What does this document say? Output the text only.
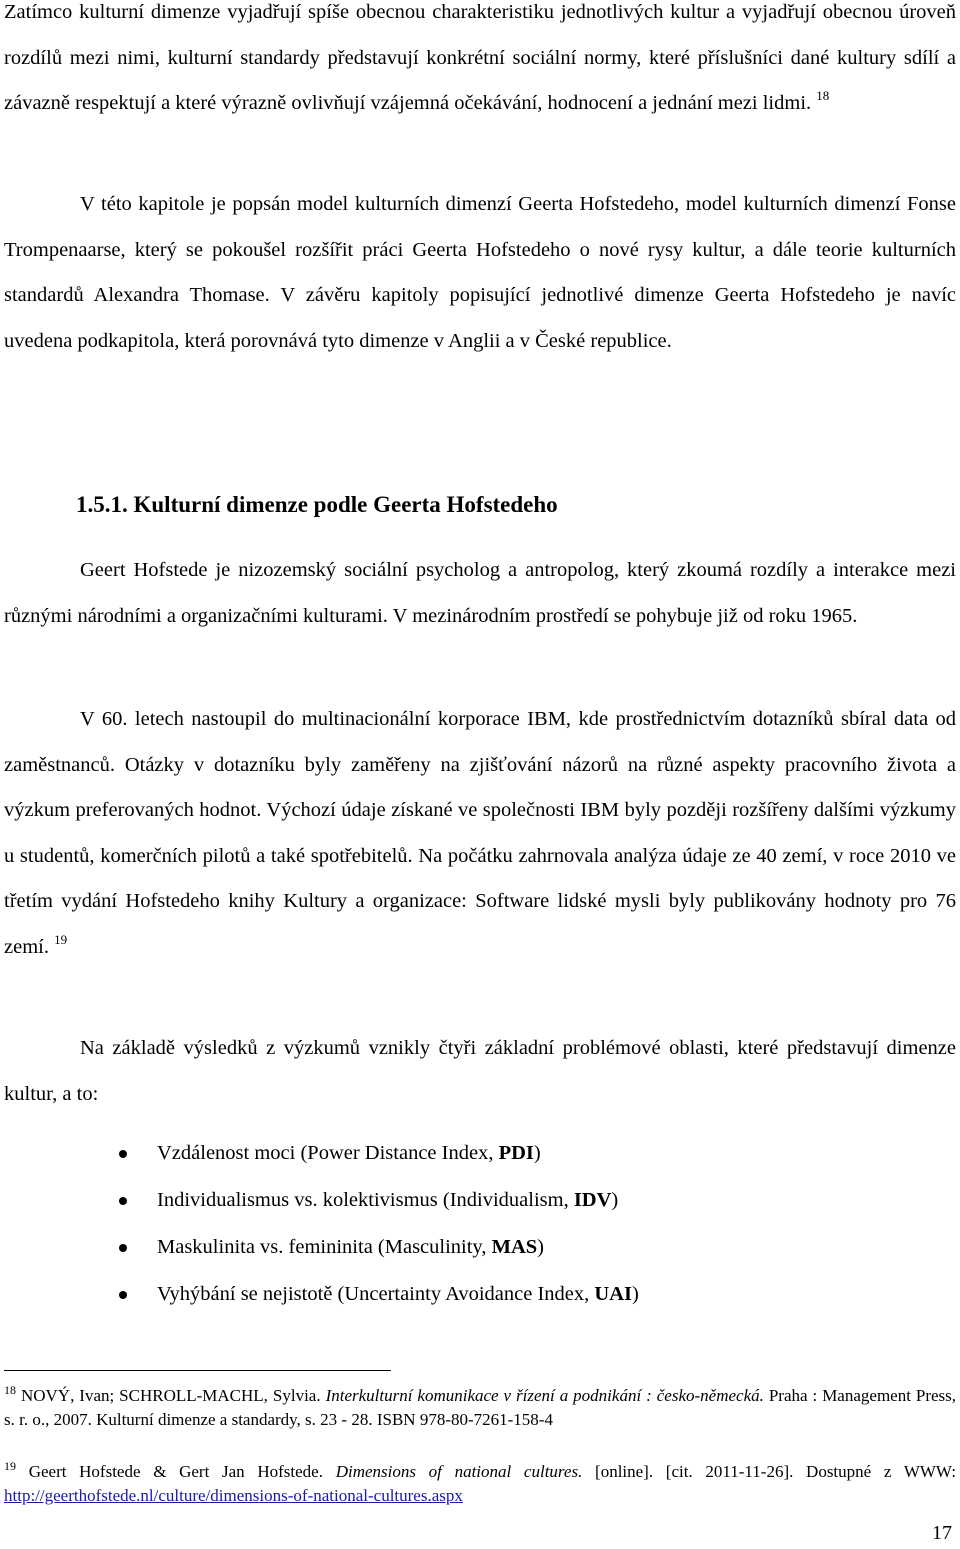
Zatímco kulturní dimenze vyjadřují spíše obecnou charakteristiku jednotlivých kultur a vyjadřují obecnou úroveň rozdílů mezi nimi, kulturní standardy představují konkrétní sociální normy, které příslušníci dané kultury sdílí a závazně respektují a které výrazně ovlivňují vzájemná očekávání, hodnocení a jednání mezi lidmi. $^{18}$

V této kapitole je popsán model kulturních dimenzí Geerta Hofstedeho, model kulturních dimenzí Fonse Trompenaarse, který se pokoušel rozšířit práci Geerta Hofstedeho o nové rysy kultur, a dále teorie kulturních standardů Alexandra Thomase. V závěru kapitoly popisující jednotlivé dimenze Geerta Hofstedeho je navíc uvedena podkapitola, která porovnává tyto dimenze v Anglii a v České republice.

1.5.1. Kulturní dimenze podle Geerta Hofstedeho

Geert Hofstede je nizozemský sociální psycholog a antropolog, který zkoumá rozdíly a interakce mezi různými národními a organizačními kulturami. V mezinárodním prostředí se pohybuje již od roku 1965.

V 60. letech nastoupil do multinacionální korporace IBM, kde prostřednictvím dotazníků sbíral data od zaměstnanců. Otázky v dotazníku byly zaměřeny na zjišťování názorů na různé aspekty pracovního života a výzkum preferovaných hodnot. Výchozí údaje získané ve společnosti IBM byly později rozšířeny dalšími výzkumy u studentů, komerčních pilotů a také spotřebitelů. Na počátku zahrnovala analýza údaje ze 40 zemí, v roce 2010 ve třetím vydání Hofstedeho knihy Kultury a organizace: Software lidské mysli byly publikovány hodnoty pro 76 zemí. $^{19}$

Na základě výsledků z výzkumů vznikly čtyři základní problémové oblasti, které představují dimenze kultur, a to:

Vzdálenost moci (Power Distance Index, PDI)
Individualismus vs. kolektivismus (Individualism, IDV)
Maskulinita vs. femininita (Masculinity, MAS)
Vyhýbání se nejistotě (Uncertainty Avoidance Index, UAI)

$^{18}$ NOVÝ, Ivan; SCHROLL-MACHL, Sylvia. Interkulturní komunikace v řízení a podnikání : česko-německá. Praha : Management Press, s. r. o., 2007. Kulturní dimenze a standardy, s. 23 - 28. ISBN 978-80-7261-158-4

$^{19}$ Geert Hofstede & Gert Jan Hofstede. Dimensions of national cultures. [online]. [cit. 2011-11-26]. Dostupné z WWW: http://geerthofstede.nl/culture/dimensions-of-national-cultures.aspx

17
